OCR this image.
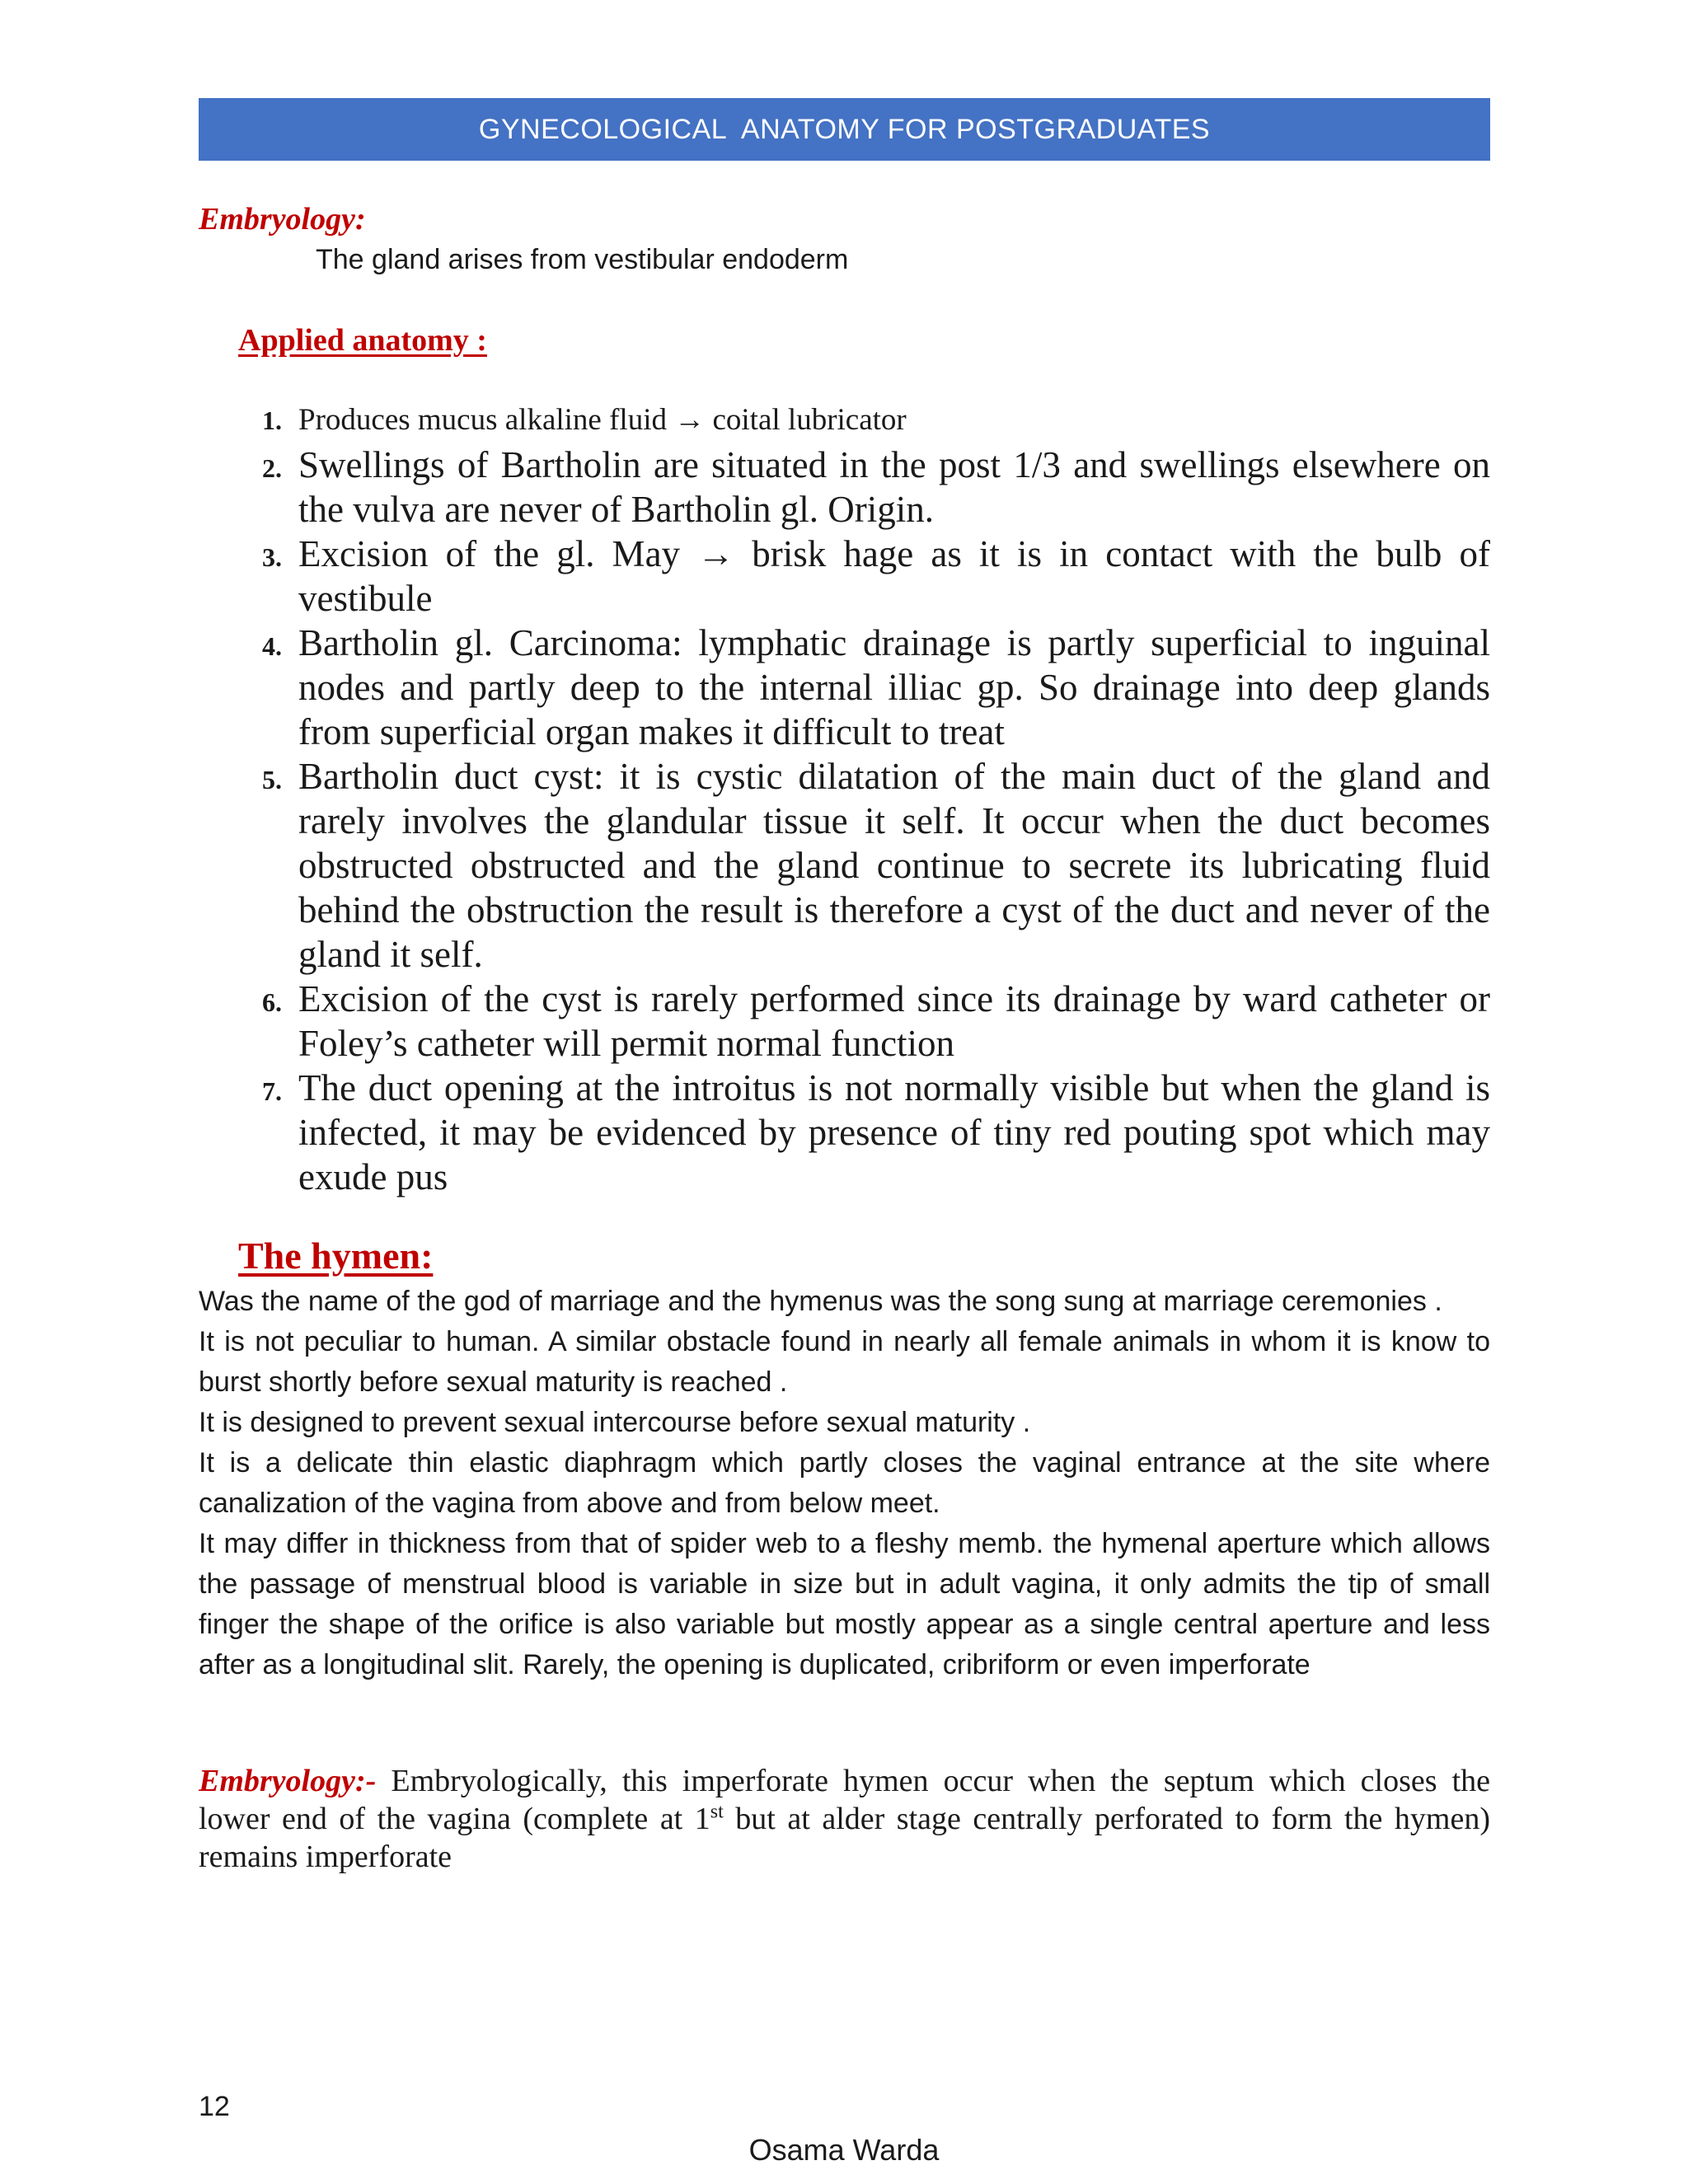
GYNECOLOGICAL  ANATOMY FOR POSTGRADUATES
Embryology:
The gland arises from vestibular endoderm
Applied anatomy :
1. Produces mucus alkaline fluid → coital lubricator
2. Swellings of Bartholin are situated in the post 1/3 and swellings elsewhere on the vulva are never of Bartholin gl. Origin.
3. Excision of the gl. May → brisk hage as it is in contact with the bulb of vestibule
4. Bartholin gl. Carcinoma: lymphatic drainage is partly superficial to inguinal nodes and partly deep to the internal illiac gp. So drainage into deep glands from superficial organ makes it difficult to treat
5. Bartholin duct cyst: it is cystic dilatation of the main duct of the gland and rarely involves the glandular tissue it self. It occur when the duct becomes obstructed obstructed and the gland continue to secrete its lubricating fluid behind the obstruction the result is therefore a cyst of the duct and never of the gland it self.
6. Excision of the cyst is rarely performed since its drainage by ward catheter or Foley’s catheter will permit normal function
7. The duct opening at the introitus is not normally visible but when the gland is infected, it may be evidenced by presence of tiny red pouting spot which may exude pus
The hymen:

Was the name of the god of marriage and the hymenus was the song sung at marriage ceremonies .

It is not peculiar to human. A similar obstacle found in nearly all female animals in whom it is know to burst shortly before sexual maturity is reached .

It is designed to prevent sexual intercourse before sexual maturity .

It is a delicate thin elastic diaphragm which partly closes the vaginal entrance at the site where canalization of the vagina from above and from below meet.

It may differ in thickness from that of spider web to a fleshy memb. the hymenal aperture which allows the passage of menstrual blood is variable in size but in adult vagina, it only admits the tip of small finger the shape of the orifice is also variable but mostly appear as a single central aperture and less after as a longitudinal slit. Rarely, the opening is duplicated, cribriform or even imperforate

Embryology:- Embryologically, this imperforate hymen occur when the septum which closes the lower end of the vagina (complete at 1st but at alder stage centrally perforated to form the hymen) remains imperforate
12
Osama Warda
